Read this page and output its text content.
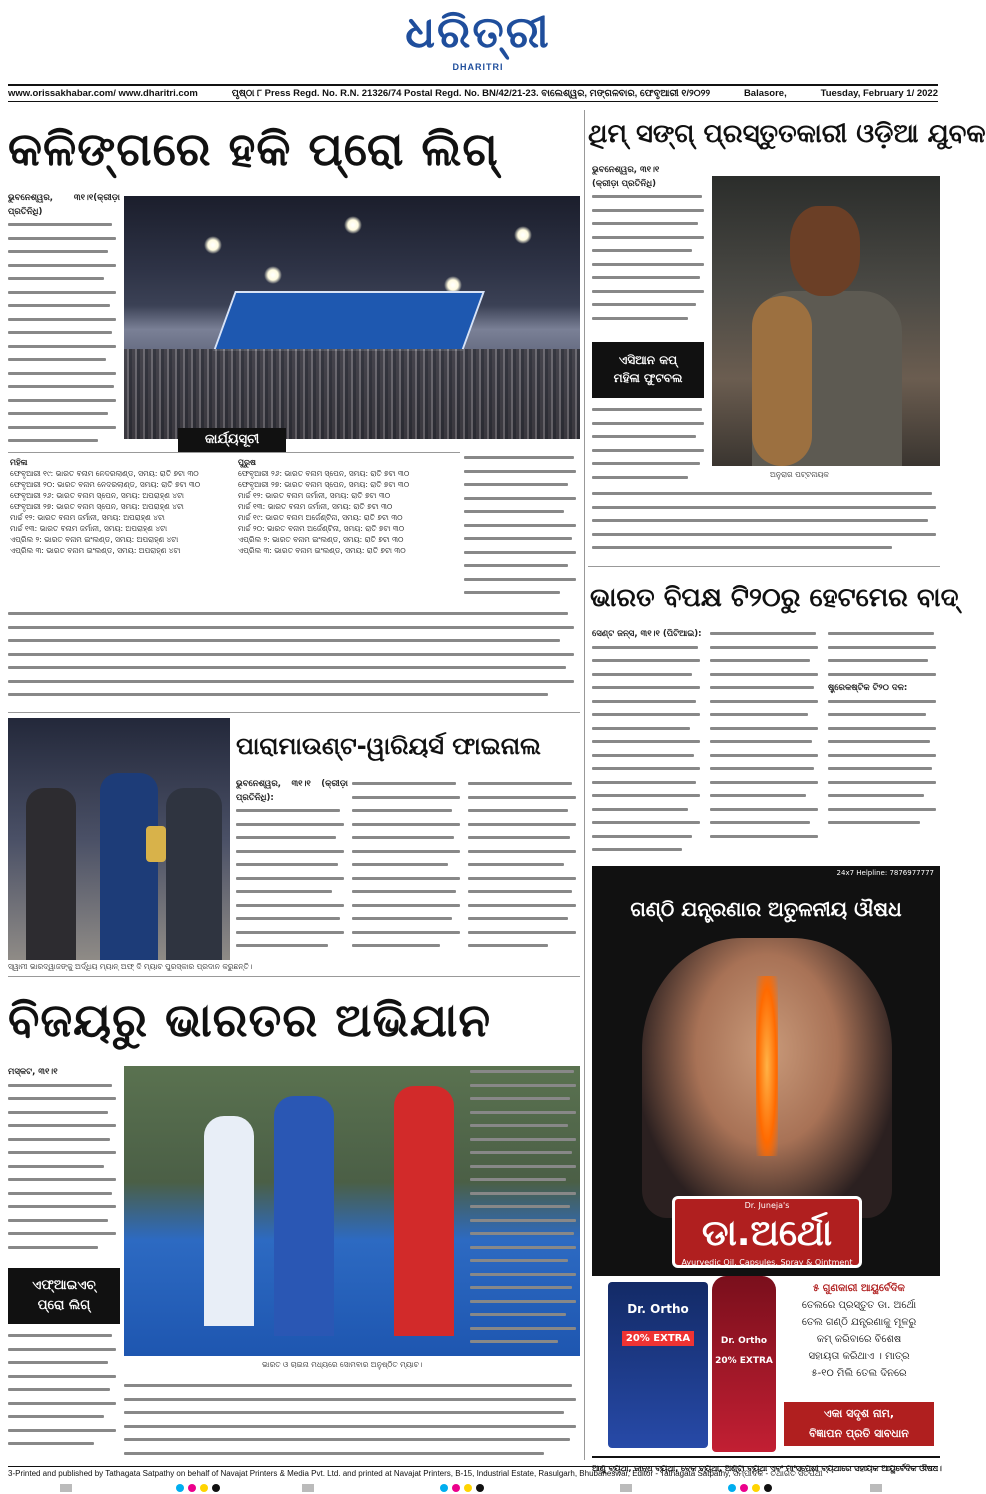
ଧରିତ୍ରୀ
DHARITRI
www.orissakhabar.com/ www.dharitri.com	ପୃଷ୍ଠା ୮ Press Regd. No. R.N. 21326/74 Postal Regd. No. BN/42/21-23. ବାଲେଶ୍ୱର, ମଙ୍ଗଳବାର, ଫେବୃଆରୀ ୧/୨୦୨୨	Balasore,	Tuesday, February 1/ 2022
କଳିଙ୍ଗରେ ହକି ପ୍ରୋ ଲିଗ୍
ଭୁବନେଶ୍ୱର, ୩୧।୧(କ୍ରୀଡ଼ା ପ୍ରତିନିଧି)
କାର୍ଯ୍ୟସୂଚୀ
ମହିଳା
ଫେବୃଆରୀ ୧୯: ଭାରତ ବନାମ ନେଦରଲାଣ୍ଡ, ସମୟ: ରାତି ୭ଟା ୩୦
ଫେବୃଆରୀ ୨୦: ଭାରତ ବନାମ ନେଦରଲାଣ୍ଡ, ସମୟ: ରାତି ୭ଟା ୩୦
ଫେବୃଆରୀ ୨୬: ଭାରତ ବନାମ ସ୍ପେନ, ସମୟ: ଅପରାହ୍ଣ ୪ଟା
ଫେବୃଆରୀ ୨୭: ଭାରତ ବନାମ ସ୍ପେନ, ସମୟ: ଅପରାହ୍ଣ ୪ଟା
ମାର୍ଚ୍ଚ ୧୨: ଭାରତ ବନାମ ଜର୍ମାନୀ, ସମୟ: ଅପରାହ୍ଣ ୪ଟା
ମାର୍ଚ୍ଚ ୧୩: ଭାରତ ବନାମ ଜର୍ମାନୀ, ସମୟ: ଅପରାହ୍ଣ ୪ଟା
ଏପ୍ରିଲ ୨: ଭାରତ ବନାମ ଇଂଲଣ୍ଡ, ସମୟ: ଅପରାହ୍ଣ ୪ଟା
ଏପ୍ରିଲ ୩: ଭାରତ ବନାମ ଇଂଲଣ୍ଡ, ସମୟ: ଅପରାହ୍ଣ ୪ଟା
ପୁରୁଷ
ଫେବୃଆରୀ ୨୬: ଭାରତ ବନାମ ସ୍ପେନ, ସମୟ: ରାତି ୭ଟା ୩୦
ଫେବୃଆରୀ ୨୭: ଭାରତ ବନାମ ସ୍ପେନ, ସମୟ: ରାତି ୭ଟା ୩୦
ମାର୍ଚ୍ଚ ୧୨: ଭାରତ ବନାମ ଜର୍ମାନୀ, ସମୟ: ରାତି ୭ଟା ୩୦
ମାର୍ଚ୍ଚ ୧୩: ଭାରତ ବନାମ ଜର୍ମାନୀ, ସମୟ: ରାତି ୭ଟା ୩୦
ମାର୍ଚ୍ଚ ୧୯: ଭାରତ ବନାମ ଅର୍ଜେଣ୍ଟିନା, ସମୟ: ରାତି ୭ଟା ୩୦
ମାର୍ଚ୍ଚ ୨୦: ଭାରତ ବନାମ ଅର୍ଜେଣ୍ଟିନା, ସମୟ: ରାତି ୭ଟା ୩୦
ଏପ୍ରିଲ ୨: ଭାରତ ବନାମ ଇଂଲଣ୍ଡ, ସମୟ: ରାତି ୭ଟା ୩୦
ଏପ୍ରିଲ ୩: ଭାରତ ବନାମ ଇଂଲଣ୍ଡ, ସମୟ: ରାତି ୭ଟା ୩୦
ଥିମ୍ ସଙ୍ଗ୍ ପ୍ରସ୍ତୁତକାରୀ ଓଡ଼ିଆ ଯୁବକ
ଭୁବନେଶ୍ୱର, ୩୧।୧
(କ୍ରୀଡ଼ା ପ୍ରତିନିଧି)
ଅନୁରାଗ ପଟ୍ଟନାୟକ
ଏସିଆନ କପ୍
ମହିଳା ଫୁଟବଲ
ଭାରତ ବିପକ୍ଷ ଟି୨୦ରୁ ହେଟମେର ବାଦ୍
ସେଣ୍ଟ ଜନ୍ସ, ୩୧।୧ (ପିଟିଆଇ):
ଷ୍ଟ୍ରେକଷ୍ଟିକ ଟି୨୦ ଦଳ:
ସ୍ୱାମୀ ଭାରଦ୍ୱାଜଙ୍କୁ ଅର୍ଦ୍ଧିୟ ମ୍ୟାନ୍ ଅଫ୍ ଦି ମ୍ୟାଚ ପୁରସ୍କାର ପ୍ରଦାନ କରୁଛନ୍ତି।
ପାରାମାଉଣ୍ଟ-ୱାରିୟର୍ସ ଫାଇନାଲ
ଭୁବନେଶ୍ୱର, ୩୧।୧ (କ୍ରୀଡ଼ା ପ୍ରତିନିଧି):
ବିଜୟରୁ ଭାରତର ଅଭିଯାନ
ମସ୍କଟ, ୩୧।୧
ଏଫ୍ଆଇଏଚ୍
ପ୍ରୋ ଲିଗ୍
ଭାରତ ଓ ଚାଇନା ମଧ୍ୟରେ ସୋମବାର ଅନୁଷ୍ଠିତ ମ୍ୟାଚ।
24x7 Helpline: 7876977777
ଗଣ୍ଠି ଯନ୍ତ୍ରଣାର ଅତୁଳନୀୟ ଔଷଧ
Dr. Juneja's
ଡା.ଅର୍ଥୋ
Ayurvedic Oil, Capsules, Spray & Ointment
Dr. Ortho

20% EXTRA	Dr. Ortho

20% EXTRA
୫ ଗୁଣକାରୀ ଆୟୁର୍ବେଦିକ
ତେଲରେ ପ୍ରସ୍ତୁତ ଡା. ଅର୍ଥୋ
ତେଲ ଗଣ୍ଠି ଯନ୍ତ୍ରଣାକୁ ମୂଳରୁ
କମ୍ କରିବାରେ ବିଶେଷ
ସହାୟତା କରିଥାଏ । ମାତ୍ର
୫-୧୦ ମିଲି ତେଲ ଦିନରେ
ଏକା ସଦୃଶ ନାମ,
ବିଜ୍ଞାପନ ପ୍ରତି ସାବଧାନ
ଆଣୁ ବ୍ୟଥା, ଜାନ୍ଧ ବ୍ୟଥା, ବେକ ବ୍ୟଥା, ଅଣ୍ଟା ବ୍ୟଥା ଏବଂ ମାଂସପେଶୀ ବ୍ୟଥାରେ ସହାୟକ ଆୟୁର୍ବେଦିକ ଔଷଧ।
3-Printed and published by Tathagata Satpathy on behalf of Navajat Printers & Media Pvt. Ltd. and printed at Navajat Printers, B-15, Industrial Estate, Rasulgarh, Bhubaneswar, Editor - Tathagata Satpathy, ସମ୍ପାଦକ - ତଥାଗତ ସତପଥୀ
